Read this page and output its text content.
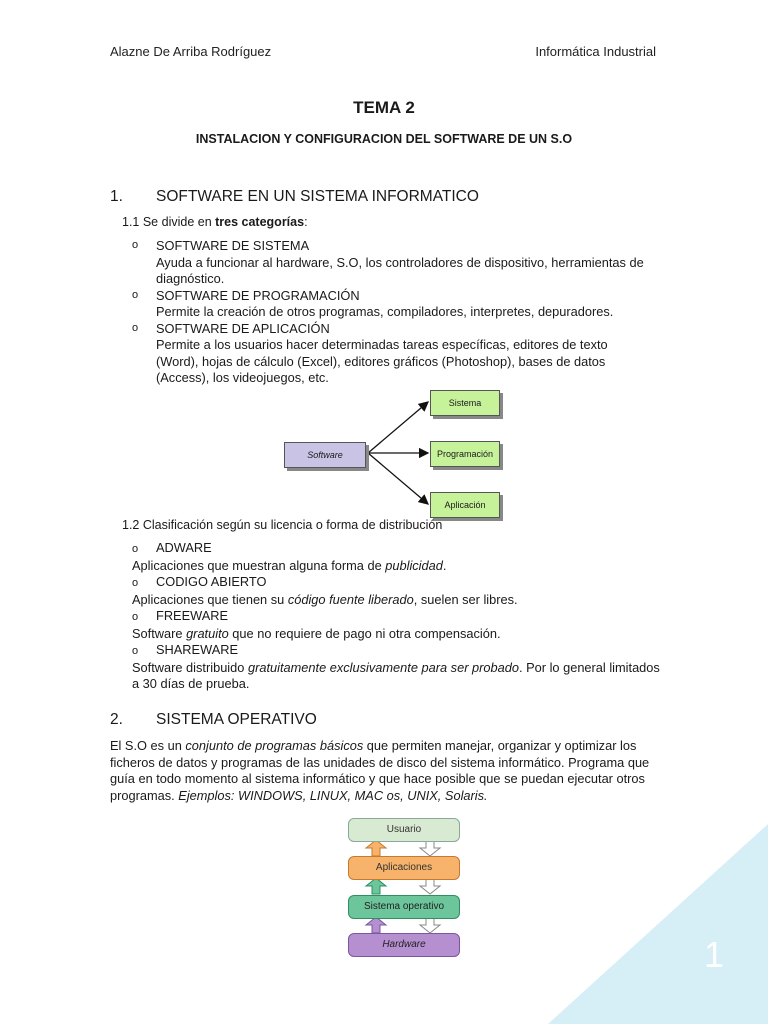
Alazne De Arriba Rodríguez	Informática Industrial
TEMA 2
INSTALACION Y CONFIGURACION DEL SOFTWARE DE UN S.O
1. SOFTWARE EN UN SISTEMA INFORMATICO
1.1 Se divide en tres categorías:
o SOFTWARE DE SISTEMA
Ayuda a funcionar al hardware, S.O, los controladores de dispositivo, herramientas de diagnóstico.
o SOFTWARE DE PROGRAMACIÓN
Permite la creación de otros programas, compiladores, interpretes, depuradores.
o SOFTWARE DE APLICACIÓN
Permite a los usuarios hacer determinadas tareas específicas, editores de texto (Word), hojas de cálculo (Excel), editores gráficos (Photoshop), bases de datos (Access), los videojuegos, etc.
Software
Sistema
Programación
Aplicación
1.2 Clasificación según su licencia o forma de distribución
o ADWARE
Aplicaciones que muestran alguna forma de publicidad.
o CODIGO ABIERTO
Aplicaciones que tienen su código fuente liberado, suelen ser libres.
o FREEWARE
Software gratuito que no requiere de pago ni otra compensación.
o SHAREWARE
Software distribuido gratuitamente exclusivamente para ser probado. Por lo general limitados a 30 días de prueba.
2. SISTEMA OPERATIVO
El S.O es un conjunto de programas básicos que permiten manejar, organizar y optimizar los ficheros de datos y programas de las unidades de disco del sistema informático. Programa que guía en todo momento al sistema informático y que hace posible que se puedan ejecutar otros programas. Ejemplos: WINDOWS, LINUX, MAC os, UNIX, Solaris.
Usuario
Aplicaciones
Sistema operativo
Hardware	1
